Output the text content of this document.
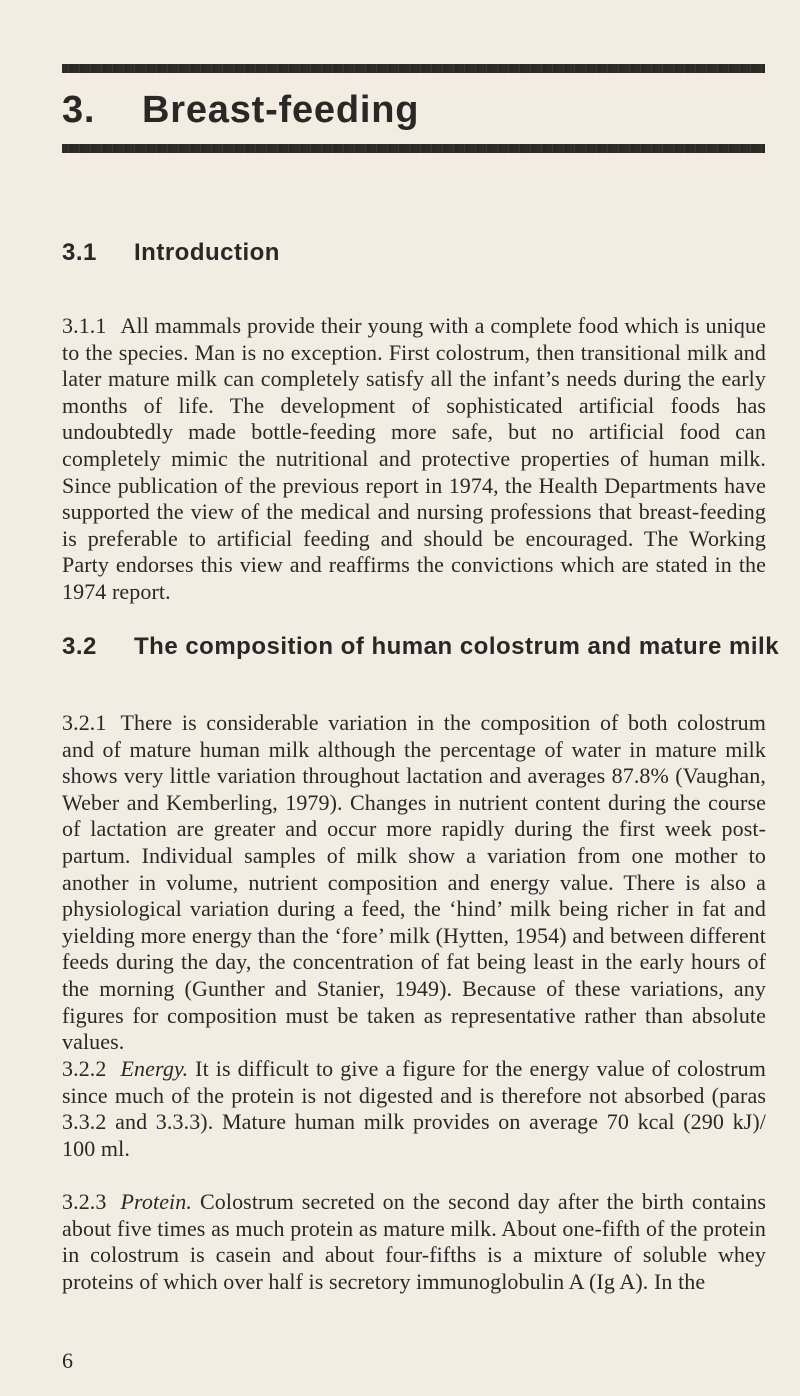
3. Breast-feeding
3.1 Introduction

3.1.1 All mammals provide their young with a complete food which is unique to the species. Man is no exception. First colostrum, then transitional milk and later mature milk can completely satisfy all the infant’s needs during the early months of life. The development of sophisticated artificial foods has undoubtedly made bottle-feeding more safe, but no artificial food can completely mimic the nutritional and protective properties of human milk. Since publication of the previous report in 1974, the Health Departments have supported the view of the medical and nursing professions that breast-feeding is preferable to artificial feeding and should be encouraged. The Working Party endorses this view and reaffirms the convictions which are stated in the 1974 report.

3.2 The composition of human colostrum and mature milk

3.2.1 There is considerable variation in the composition of both colostrum and of mature human milk although the percentage of water in mature milk shows very little variation throughout lactation and averages 87.8% (Vaughan, Weber and Kemberling, 1979). Changes in nutrient content during the course of lactation are greater and occur more rapidly during the first week post-partum. Individual samples of milk show a variation from one mother to another in volume, nutrient composition and energy value. There is also a physiological variation during a feed, the ‘hind’ milk being richer in fat and yielding more energy than the ‘fore’ milk (Hytten, 1954) and between different feeds during the day, the concentration of fat being least in the early hours of the morning (Gunther and Stanier, 1949). Because of these variations, any figures for composition must be taken as representative rather than absolute values.

3.2.2 Energy. It is difficult to give a figure for the energy value of colostrum since much of the protein is not digested and is therefore not absorbed (paras 3.3.2 and 3.3.3). Mature human milk provides on average 70 kcal (290 kJ)/ 100 ml.

3.2.3 Protein. Colostrum secreted on the second day after the birth contains about five times as much protein as mature milk. About one-fifth of the protein in colostrum is casein and about four-fifths is a mixture of soluble whey proteins of which over half is secretory immunoglobulin A (Ig A). In the

6
